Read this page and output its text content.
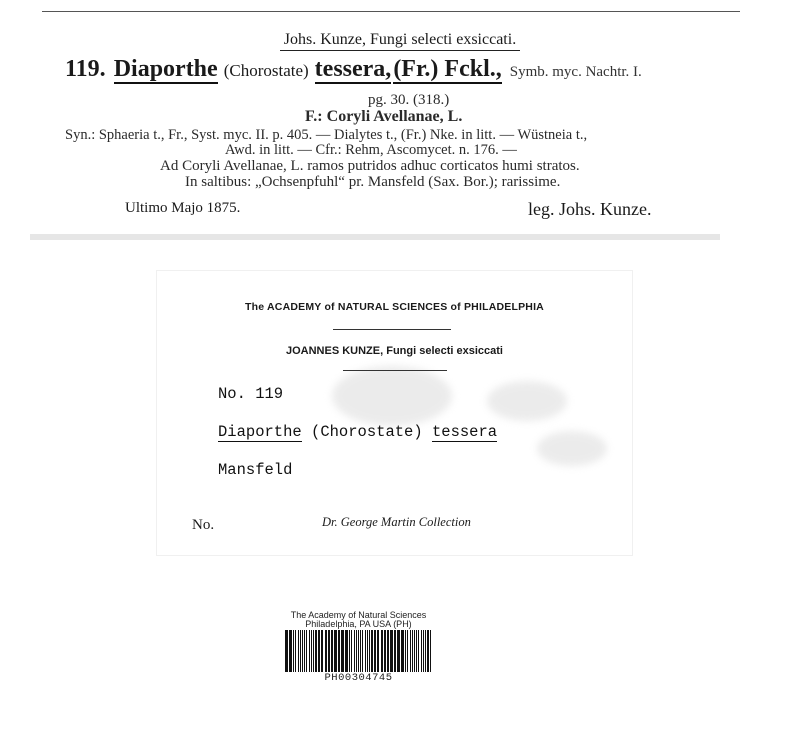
Johs. Kunze, Fungi selecti exsiccati.
119. Diaporthe (Chorostate) tessera,(Fr.) Fckl., Symb. myc. Nachtr. I.
pg. 30. (318.)
F.: Coryli Avellanae, L.
Syn.: Sphaeria t., Fr., Syst. myc. II. p. 405. — Dialytes t., (Fr.) Nke. in litt. — Wüstneia t.,
Awd. in litt. — Cfr.: Rehm, Ascomycet. n. 176. —
Ad Coryli Avellanae, L. ramos putridos adhuc corticatos humi stratos.
In saltibus: „Ochsenpfuhl“ pr. Mansfeld (Sax. Bor.); rarissime.
Ultimo Majo 1875.	leg. Johs. Kunze.
The ACADEMY of NATURAL SCIENCES of PHILADELPHIA
JOANNES KUNZE, Fungi selecti exsiccati
No. 119
Diaporthe (Chorostate) tessera
Mansfeld
No.	Dr. George Martin Collection
The Academy of Natural Sciences
Philadelphia, PA USA (PH)
PH00304745
